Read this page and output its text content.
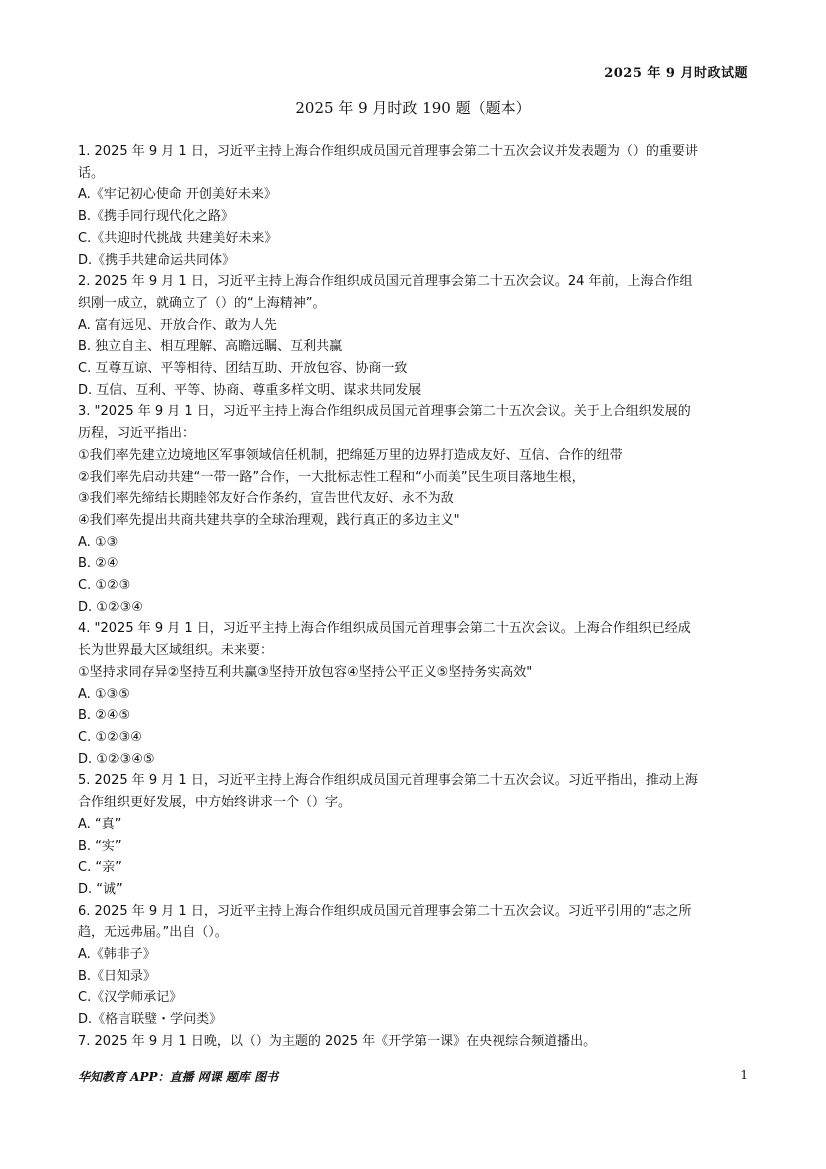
2025 年 9 月时政试题
2025 年 9 月时政 190 题（题本）
1. 2025 年 9 月 1 日，习近平主持上海合作组织成员国元首理事会第二十五次会议并发表题为（）的重要讲
话。
A.《牢记初心使命 开创美好未来》
B.《携手同行现代化之路》
C.《共迎时代挑战 共建美好未来》
D.《携手共建命运共同体》
2. 2025 年 9 月 1 日，习近平主持上海合作组织成员国元首理事会第二十五次会议。24 年前，上海合作组
织刚一成立，就确立了（）的“上海精神”。
A. 富有远见、开放合作、敢为人先
B. 独立自主、相互理解、高瞻远瞩、互利共赢
C. 互尊互谅、平等相待、团结互助、开放包容、协商一致
D. 互信、互利、平等、协商、尊重多样文明、谋求共同发展
3. "2025 年 9 月 1 日，习近平主持上海合作组织成员国元首理事会第二十五次会议。关于上合组织发展的
历程，习近平指出：
①我们率先建立边境地区军事领域信任机制，把绵延万里的边界打造成友好、互信、合作的纽带
②我们率先启动共建“一带一路”合作，一大批标志性工程和“小而美”民生项目落地生根，
③我们率先缔结长期睦邻友好合作条约，宣告世代友好、永不为敌
④我们率先提出共商共建共享的全球治理观，践行真正的多边主义"
A. ①③
B. ②④
C. ①②③
D. ①②③④
4. "2025 年 9 月 1 日，习近平主持上海合作组织成员国元首理事会第二十五次会议。上海合作组织已经成
长为世界最大区域组织。未来要：
①坚持求同存异②坚持互利共赢③坚持开放包容④坚持公平正义⑤坚持务实高效"
A. ①③⑤
B. ②④⑤
C. ①②③④
D. ①②③④⑤
5. 2025 年 9 月 1 日，习近平主持上海合作组织成员国元首理事会第二十五次会议。习近平指出，推动上海
合作组织更好发展，中方始终讲求一个（）字。
A. “真”
B. “实”
C. “亲”
D. “诚”
6. 2025 年 9 月 1 日，习近平主持上海合作组织成员国元首理事会第二十五次会议。习近平引用的“志之所
趋，无远弗届。”出自（）。
A.《韩非子》
B.《日知录》
C.《汉学师承记》
D.《格言联璧・学问类》
7. 2025 年 9 月 1 日晚，以（）为主题的 2025 年《开学第一课》在央视综合频道播出。
华知教育 APP：直播 网课 题库 图书	1
